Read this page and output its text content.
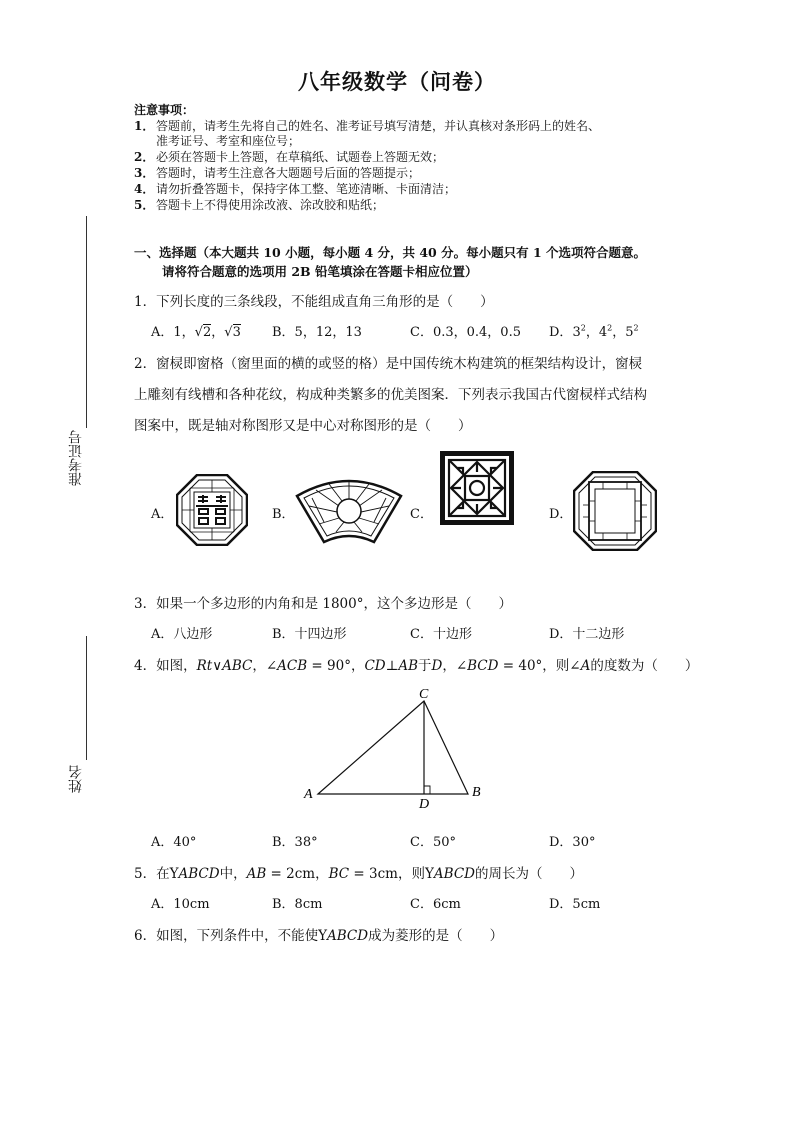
八年级数学（问卷）
注意事项：
1． 答题前，请考生先将自己的姓名、准考证号填写清楚，并认真核对条形码上的姓名、
准考证号、考室和座位号；
2． 必须在答题卡上答题，在草稿纸、试题卷上答题无效；
3． 答题时，请考生注意各大题题号后面的答题提示；
4． 请勿折叠答题卡，保持字体工整、笔迹清晰、卡面清洁；
5． 答题卡上不得使用涂改液、涂改胶和贴纸；
准考证号
姓名
一、选择题（本大题共 10 小题，每小题 4 分，共 40 分。每小题只有 1 个选项符合题意。
请将符合题意的选项用 2B 铅笔填涂在答题卡相应位置）
1．下列长度的三条线段，不能组成直角三角形的是（　　）
A．1，√2，√3 B．5，12，13	C．0.3，0.4，0.5 D．$3^2$，$4^2$，$5^2$
2．窗棂即窗格（窗里面的横的或竖的格）是中国传统木构建筑的框架结构设计，窗棂
上雕刻有线槽和各种花纹，构成种类繁多的优美图案．下列表示我国古代窗棂样式结构
图案中，既是轴对称图形又是中心对称图形的是（　　）
A．	B．	C．	D．
3．如果一个多边形的内角和是 1800°，这个多边形是（　　）
A．八边形	B．十四边形	C．十边形	D．十二边形
4．如图，Rt∨ABC，∠ACB = 90°，CD⊥AB于D，∠BCD = 40°，则∠A的度数为（　　）
A
C
B
D
A．40°	B．38°	C．50°	D．30°
5．在YABCD中，AB = 2cm，BC = 3cm，则YABCD的周长为（　　）
A．10cm	B．8cm	C．6cm	D．5cm
6．如图，下列条件中，不能使YABCD成为菱形的是（　　）
